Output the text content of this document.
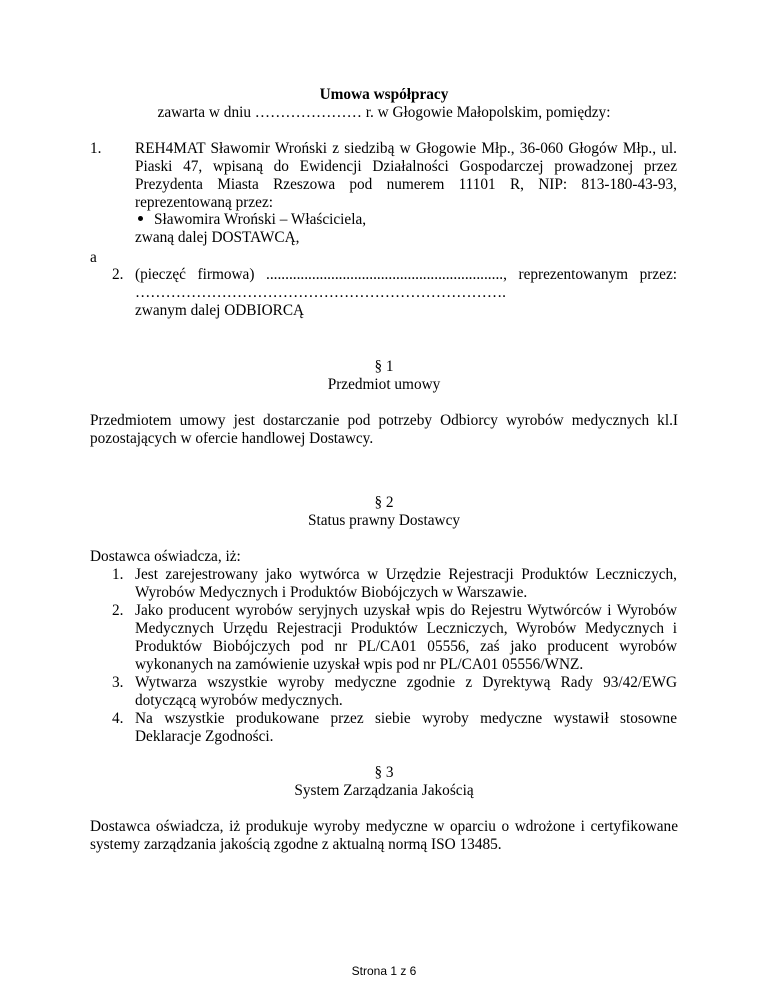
Umowa współpracy
zawarta w dniu ………………… r. w Głogowie Małopolskim, pomiędzy:
1. REH4MAT Sławomir Wroński z siedzibą w Głogowie Młp., 36-060 Głogów Młp., ul. Piaski 47, wpisaną do Ewidencji Działalności Gospodarczej prowadzonej przez Prezydenta Miasta Rzeszowa pod numerem 11101 R, NIP: 813-180-43-93, reprezentowaną przez:
Sławomira Wroński – Właściciela,
zwaną dalej DOSTAWCĄ,
a
2. (pieczęć firmowa) .............................................................., reprezentowanym przez: ……………………………………………………………….
zwanym dalej ODBIORCĄ
§ 1
Przedmiot umowy
Przedmiotem umowy jest dostarczanie pod potrzeby Odbiorcy wyrobów medycznych kl.I pozostających w ofercie handlowej Dostawcy.
§ 2
Status prawny Dostawcy
Dostawca oświadcza, iż:
1. Jest zarejestrowany jako wytwórca w Urzędzie Rejestracji Produktów Leczniczych, Wyrobów Medycznych i Produktów Biobójczych w Warszawie.
2. Jako producent wyrobów seryjnych uzyskał wpis do Rejestru Wytwórców i Wyrobów Medycznych Urzędu Rejestracji Produktów Leczniczych, Wyrobów Medycznych i Produktów Biobójczych pod nr PL/CA01 05556, zaś jako producent wyrobów wykonanych na zamówienie uzyskał wpis pod nr PL/CA01 05556/WNZ.
3. Wytwarza wszystkie wyroby medyczne zgodnie z Dyrektywą Rady 93/42/EWG dotyczącą wyrobów medycznych.
4. Na wszystkie produkowane przez siebie wyroby medyczne wystawił stosowne Deklaracje Zgodności.
§ 3
System Zarządzania Jakością
Dostawca oświadcza, iż produkuje wyroby medyczne w oparciu o wdrożone i certyfikowane systemy zarządzania jakością zgodne z aktualną normą ISO 13485.
Strona 1 z 6
